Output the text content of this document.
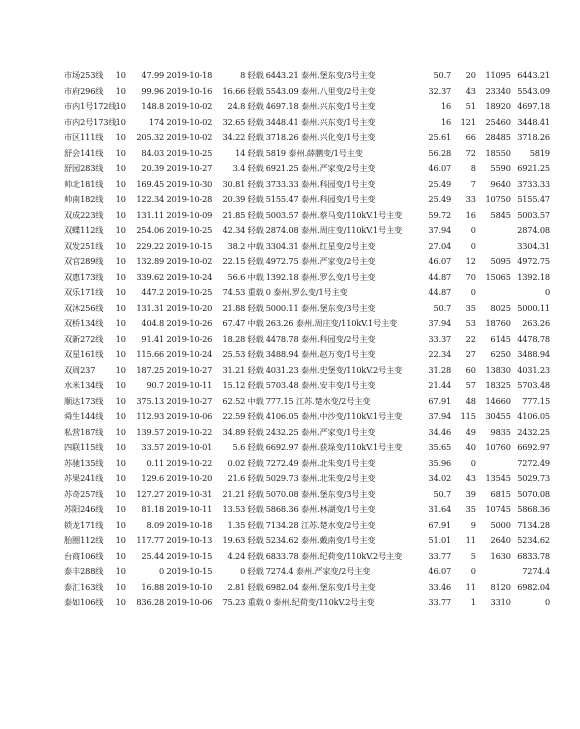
市场253线	10	47.99 2019-10-18	8 轻载	6443.21 泰州.堡东变/3号主变	50.7	20	11095	6443.21
市府296线	10	99.96 2019-10-16	16.66 轻载	5543.09 泰州.八里变/2号主变	32.37	43	23340	5543.09
市内1号172线	10	148.8 2019-10-02	24.8 轻载	4697.18 泰州.兴东变/1号主变	16	51	18920	4697.18
市内2号173线	10	174 2019-10-02	32.65 轻载	3448.41 泰州.兴东变/1号主变	16	121	25460	3448.41
市区111线	10	205.32 2019-10-02	34.22 轻载	3718.26 泰州.兴化变/1号主变	25.61	66	28485	3718.26
舒会141线	10	84.03 2019-10-25	14 轻载	5819 泰州.薛鹏变/1号主变	56.28	72	18550	5819
舒园283线	10	20.39 2019-10-27	3.4 轻载	6921.25 泰州.严家变/2号主变	46.07	8	5590	6921.25
帅北181线	10	169.45 2019-10-30	30.81 轻载	3733.33 泰州.科园变/1号主变	25.49	7	9640	3733.33
帅南182线	10	122.34 2019-10-28	20.39 轻载	5155.47 泰州.科园变/1号主变	25.49	33	10750	5155.47
双成223线	10	131.11 2019-10-09	21.85 轻载	5003.57 泰州.蔡马变/110kV.1号主变	59.72	16	5845	5003.57
双蝶112线	10	254.06 2019-10-25	42.34 轻载	2874.08 泰州.周庄变/110kV.1号主变	37.94	0		2874.08
双发251线	10	229.22 2019-10-15	38.2 中载	3304.31 泰州.红星变/2号主变	27.04	0		3304.31
双官289线	10	132.89 2019-10-02	22.15 轻载	4972.75 泰州.严家变/2号主变	46.07	12	5095	4972.75
双惠173线	10	339.62 2019-10-24	56.6 中载	1392.18 泰州.罗么变/1号主变	44.87	70	15065	1392.18
双乐171线	10	447.2 2019-10-25	74.53 重载	0 泰州.罗么变/1号主变	44.87	0		0
双沐256线	10	131.31 2019-10-20	21.88 轻载	5000.11 泰州.堡东变/3号主变	50.7	35	8025	5000.11
双桥134线	10	404.8 2019-10-26	67.47 中载	263.26 泰州.周庄变/110kV.1号主变	37.94	53	18760	263.26
双新272线	10	91.41 2019-10-26	18.28 轻载	4478.78 泰州.科园变/2号主变	33.37	22	6145	4478.78
双星161线	10	115.66 2019-10-24	25.53 轻载	3488.94 泰州.赵万变/1号主变	22.34	27	6250	3488.94
双周237	10	187.25 2019-10-27	31.21 轻载	4031.23 泰州.史堡变/110kV.2号主变	31.28	60	13830	4031.23
水米134线	10	90.7 2019-10-11	15.12 轻载	5703.48 泰州.安丰变/1号主变	21.44	57	18325	5703.48
顺达173线	10	375.13 2019-10-27	62.52 中载	777.15 江苏.楚水变/2号主变	67.91	48	14660	777.15
舜生144线	10	112.93 2019-10-06	22.59 轻载	4106.05 泰州.中沙变/110kV.1号主变	37.94	115	30455	4106.05
私营187线	10	139.57 2019-10-22	34.89 轻载	2432.25 泰州.严家变/1号主变	34.46	49	9835	2432.25
四联115线	10	33.57 2019-10-01	5.6 轻载	6692.97 泰州.获垛变/110kV.1号主变	35.65	40	10760	6692.97
苏驰135线	10	0.11 2019-10-22	0.02 轻载	7272.49 泰州.北朱变/1号主变	35.96	0		7272.49
苏果241线	10	129.6 2019-10-20	21.6 轻载	5029.73 泰州.北朱变/2号主变	34.02	43	13545	5029.73
苏奇257线	10	127.27 2019-10-31	21.21 轻载	5070.08 泰州.堡东变/3号主变	50.7	39	6815	5070.08
苏阳246线	10	81.18 2019-10-11	13.53 轻载	5868.36 泰州.林湖变/1号主变	31.64	35	10745	5868.36
锁龙171线	10	8.09 2019-10-18	1.35 轻载	7134.28 江苏.楚水变/2号主变	67.91	9	5000	7134.28
胎圈112线	10	117.77 2019-10-13	19.63 轻载	5234.62 泰州.戴南变/1号主变	51.01	11	2640	5234.62
台商106线	10	25.44 2019-10-15	4.24 轻载	6833.78 泰州.纪荷变/110kV.2号主变	33.77	5	1630	6833.78
泰丰288线	10	0 2019-10-15	0 轻载	7274.4 泰州.严家变/2号主变	46.07	0		7274.4
泰汇163线	10	16.88 2019-10-10	2.81 轻载	6982.04 泰州.堡东变/1号主变	33.46	11	8120	6982.04
泰如106线	10	836.28 2019-10-06	75.23 重载	0 泰州.纪荷变/110kV.2号主变	33.77	1	3310	0
